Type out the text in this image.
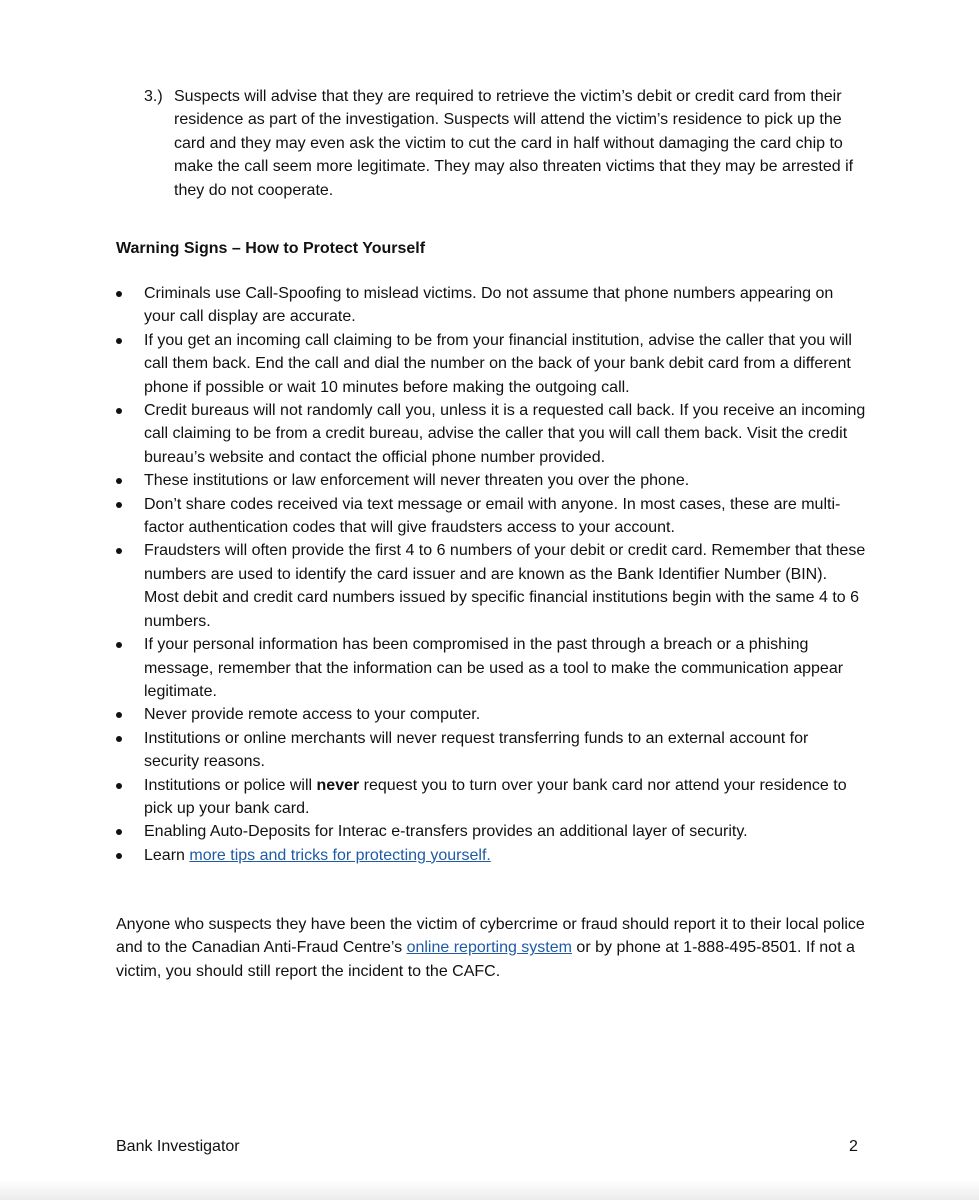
3.) Suspects will advise that they are required to retrieve the victim’s debit or credit card from their residence as part of the investigation. Suspects will attend the victim’s residence to pick up the card and they may even ask the victim to cut the card in half without damaging the card chip to make the call seem more legitimate. They may also threaten victims that they may be arrested if they do not cooperate.
Warning Signs – How to Protect Yourself
Criminals use Call-Spoofing to mislead victims. Do not assume that phone numbers appearing on your call display are accurate.
If you get an incoming call claiming to be from your financial institution, advise the caller that you will call them back. End the call and dial the number on the back of your bank debit card from a different phone if possible or wait 10 minutes before making the outgoing call.
Credit bureaus will not randomly call you, unless it is a requested call back. If you receive an incoming call claiming to be from a credit bureau, advise the caller that you will call them back. Visit the credit bureau’s website and contact the official phone number provided.
These institutions or law enforcement will never threaten you over the phone.
Don’t share codes received via text message or email with anyone. In most cases, these are multi-factor authentication codes that will give fraudsters access to your account.
Fraudsters will often provide the first 4 to 6 numbers of your debit or credit card. Remember that these numbers are used to identify the card issuer and are known as the Bank Identifier Number (BIN). Most debit and credit card numbers issued by specific financial institutions begin with the same 4 to 6 numbers.
If your personal information has been compromised in the past through a breach or a phishing message, remember that the information can be used as a tool to make the communication appear legitimate.
Never provide remote access to your computer.
Institutions or online merchants will never request transferring funds to an external account for security reasons.
Institutions or police will never request you to turn over your bank card nor attend your residence to pick up your bank card.
Enabling Auto-Deposits for Interac e-transfers provides an additional layer of security.
Learn more tips and tricks for protecting yourself.
Anyone who suspects they have been the victim of cybercrime or fraud should report it to their local police and to the Canadian Anti-Fraud Centre’s online reporting system or by phone at 1-888-495-8501. If not a victim, you should still report the incident to the CAFC.
Bank Investigator	2
